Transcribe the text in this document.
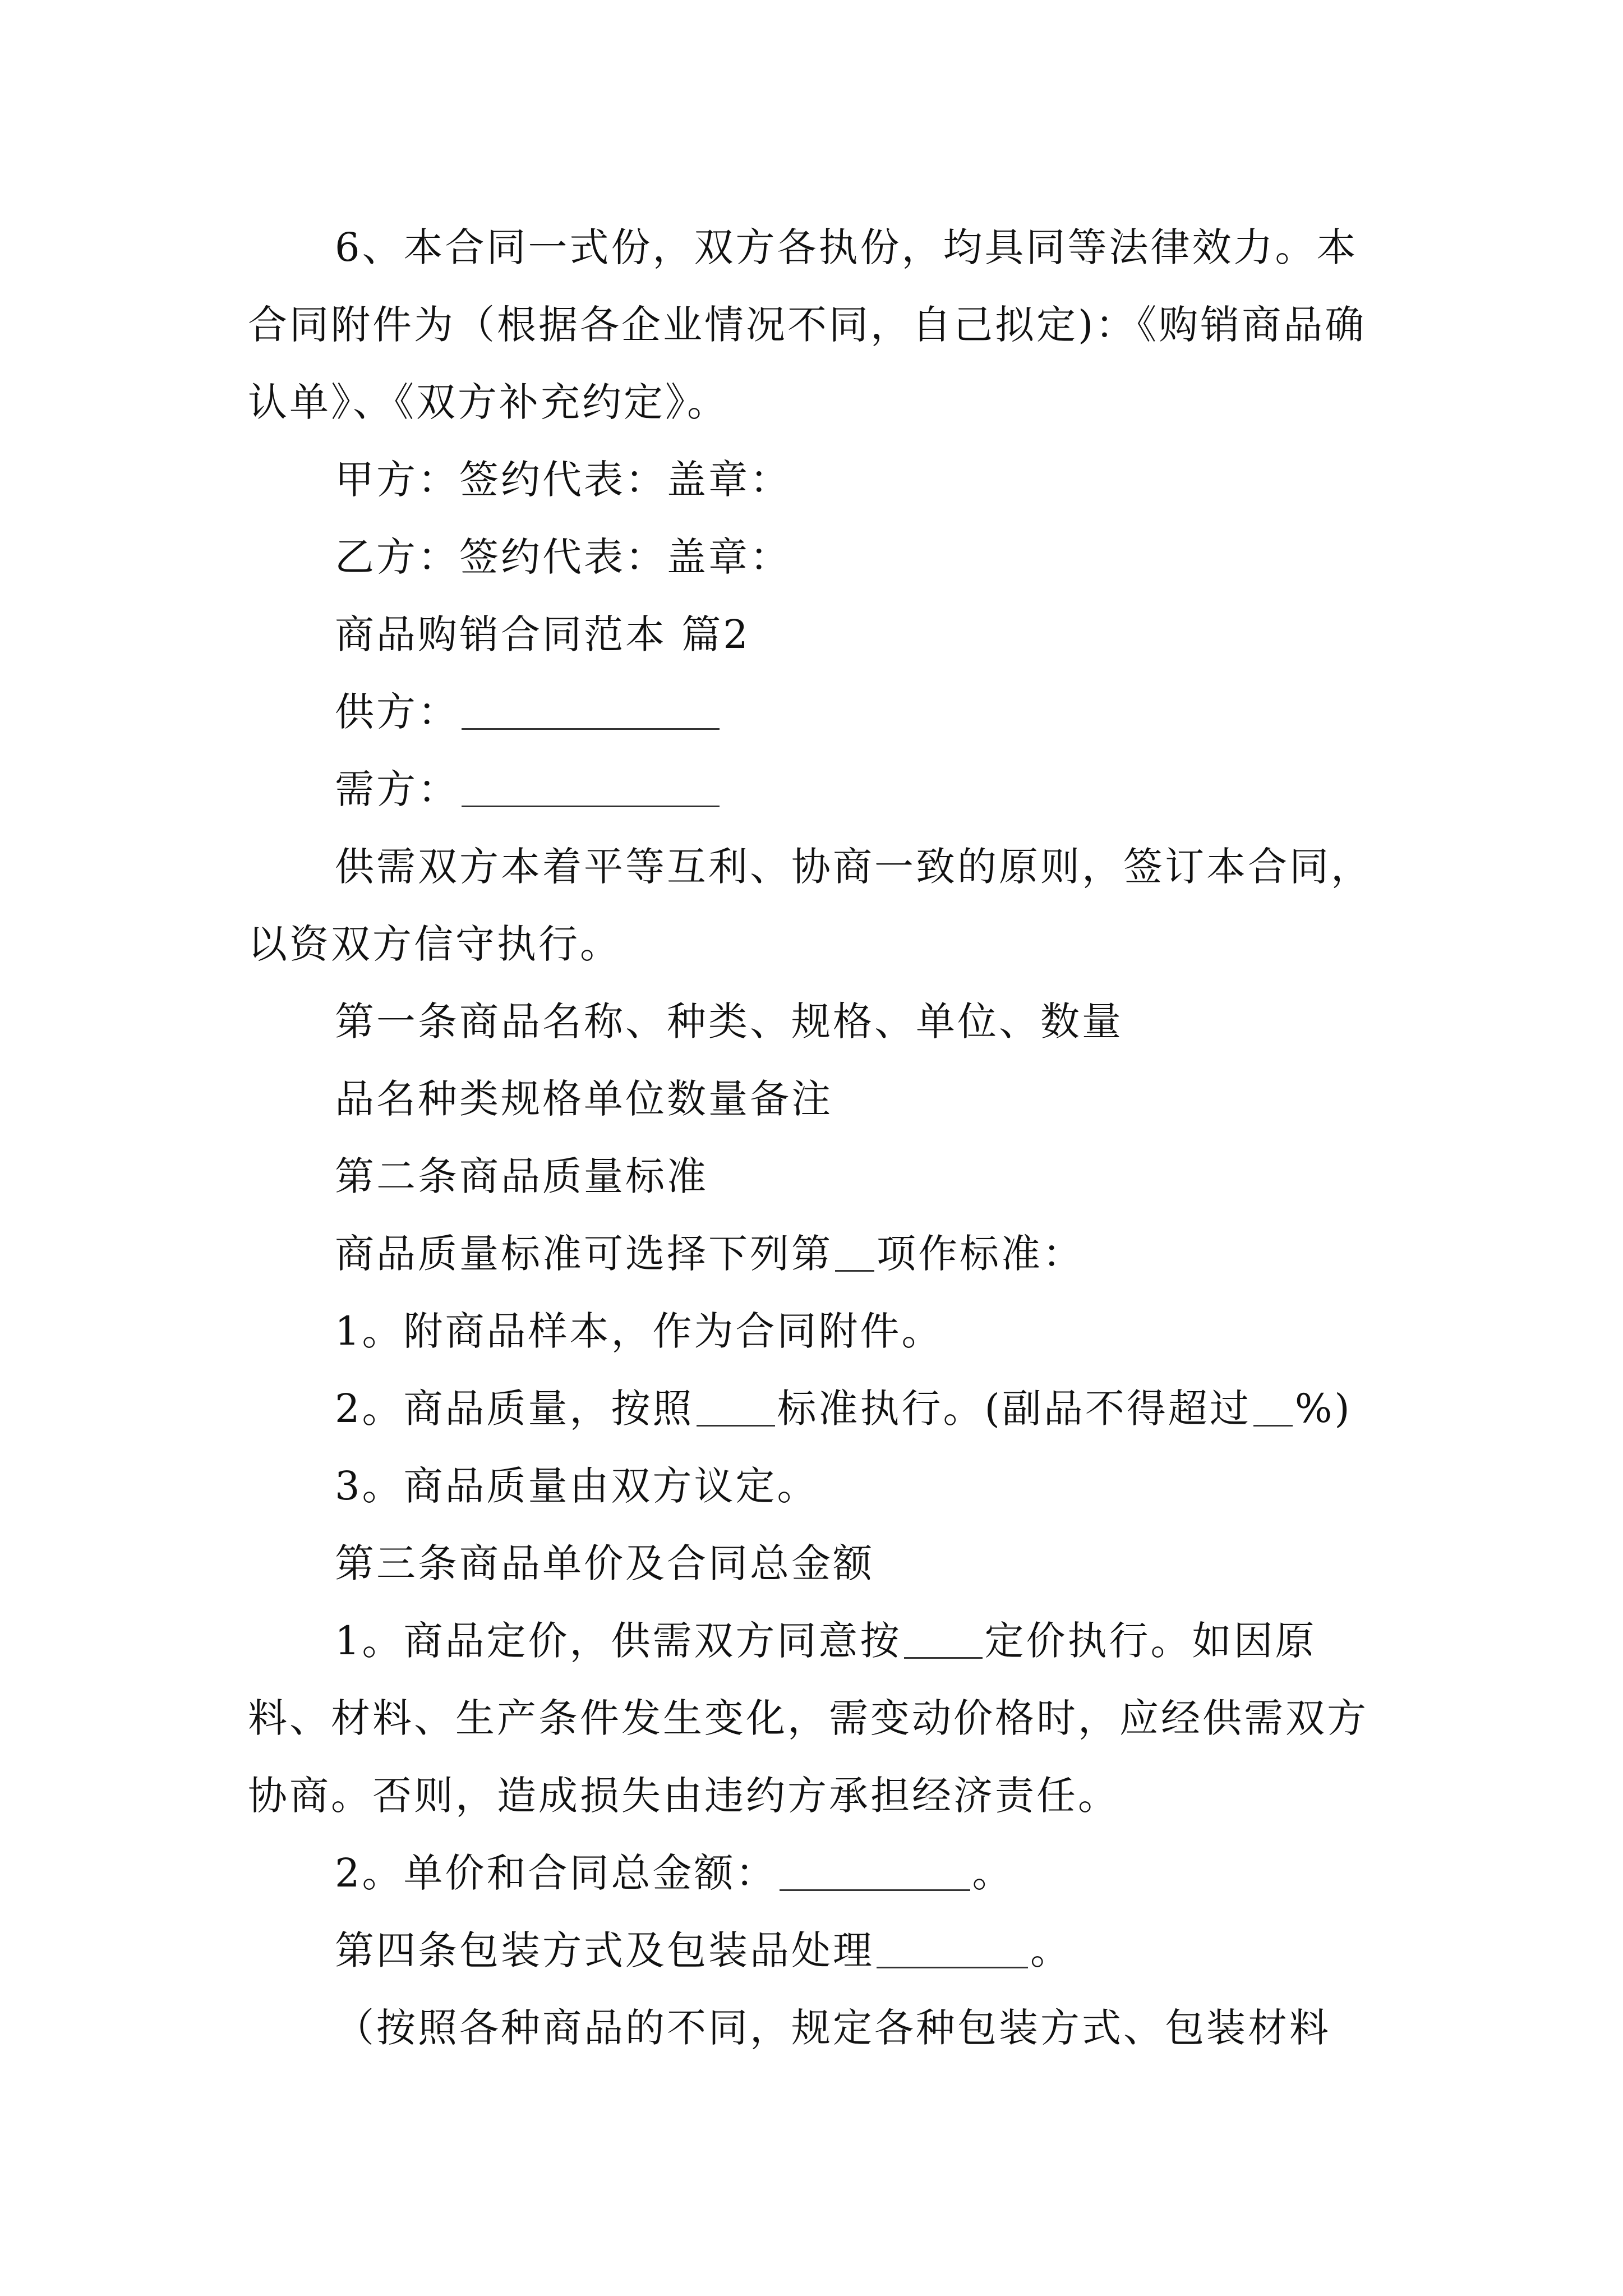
6、本合同一式份，双方各执份，均具同等法律效力。本合同附件为（根据各企业情况不同，自己拟定)：《购销商品确认单》、《双方补充约定》。

甲方：签约代表：盖章：

乙方：签约代表：盖章：

商品购销合同范本 篇2

供方：

需方：

供需双方本着平等互利、协商一致的原则，签订本合同，以资双方信守执行。

第一条商品名称、种类、规格、单位、数量

品名种类规格单位数量备注

第二条商品质量标准

商品质量标准可选择下列第 项作标准：

1。附商品样本，作为合同附件。

2。商品质量，按照 标准执行。(副品不得超过 %)

3。商品质量由双方议定。

第三条商品单价及合同总金额

1。商品定价，供需双方同意按 定价执行。如因原料、材料、生产条件发生变化，需变动价格时，应经供需双方协商。否则，造成损失由违约方承担经济责任。

2。单价和合同总金额：	。

第四条包装方式及包装品处理	。

（按照各种商品的不同，规定各种包装方式、包装材料
